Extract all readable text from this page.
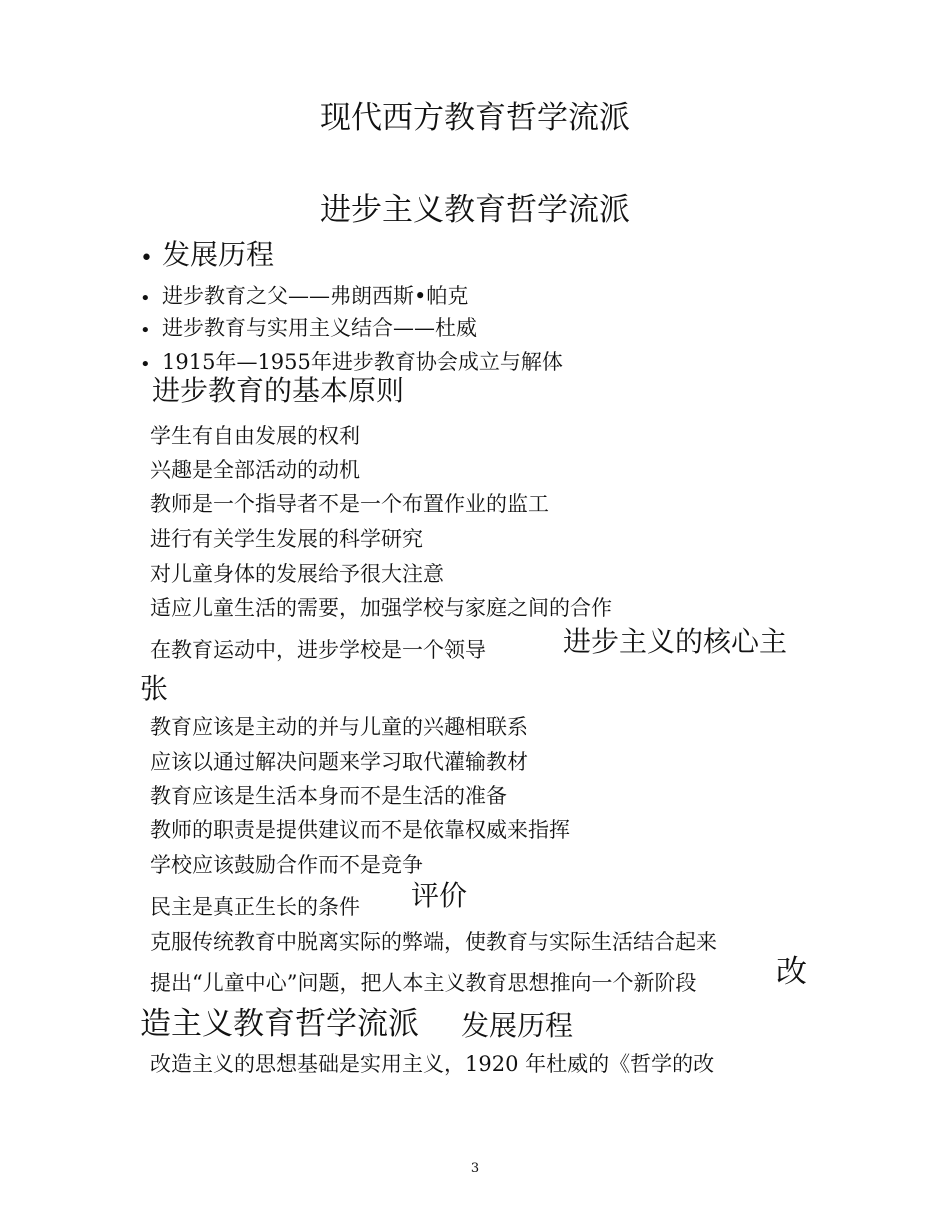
现代西方教育哲学流派
进步主义教育哲学流派
• 发展历程
• 进步教育之父——弗朗西斯•帕克
• 进步教育与实用主义结合——杜威
• 1915年—1955年进步教育协会成立与解体
进步教育的基本原则
学生有自由发展的权利
兴趣是全部活动的动机
教师是一个指导者不是一个布置作业的监工
进行有关学生发展的科学研究
对儿童身体的发展给予很大注意
适应儿童生活的需要，加强学校与家庭之间的合作
在教育运动中，进步学校是一个领导	进步主义的核心主
张
教育应该是主动的并与儿童的兴趣相联系
应该以通过解决问题来学习取代灌输教材
教育应该是生活本身而不是生活的准备
教师的职责是提供建议而不是依靠权威来指挥
学校应该鼓励合作而不是竞争
民主是真正生长的条件 评价
克服传统教育中脱离实际的弊端，使教育与实际生活结合起来
提出“儿童中心”问题，把人本主义教育思想推向一个新阶段	改
造主义教育哲学流派 发展历程
改造主义的思想基础是实用主义，1920 年杜威的《哲学的改
3
